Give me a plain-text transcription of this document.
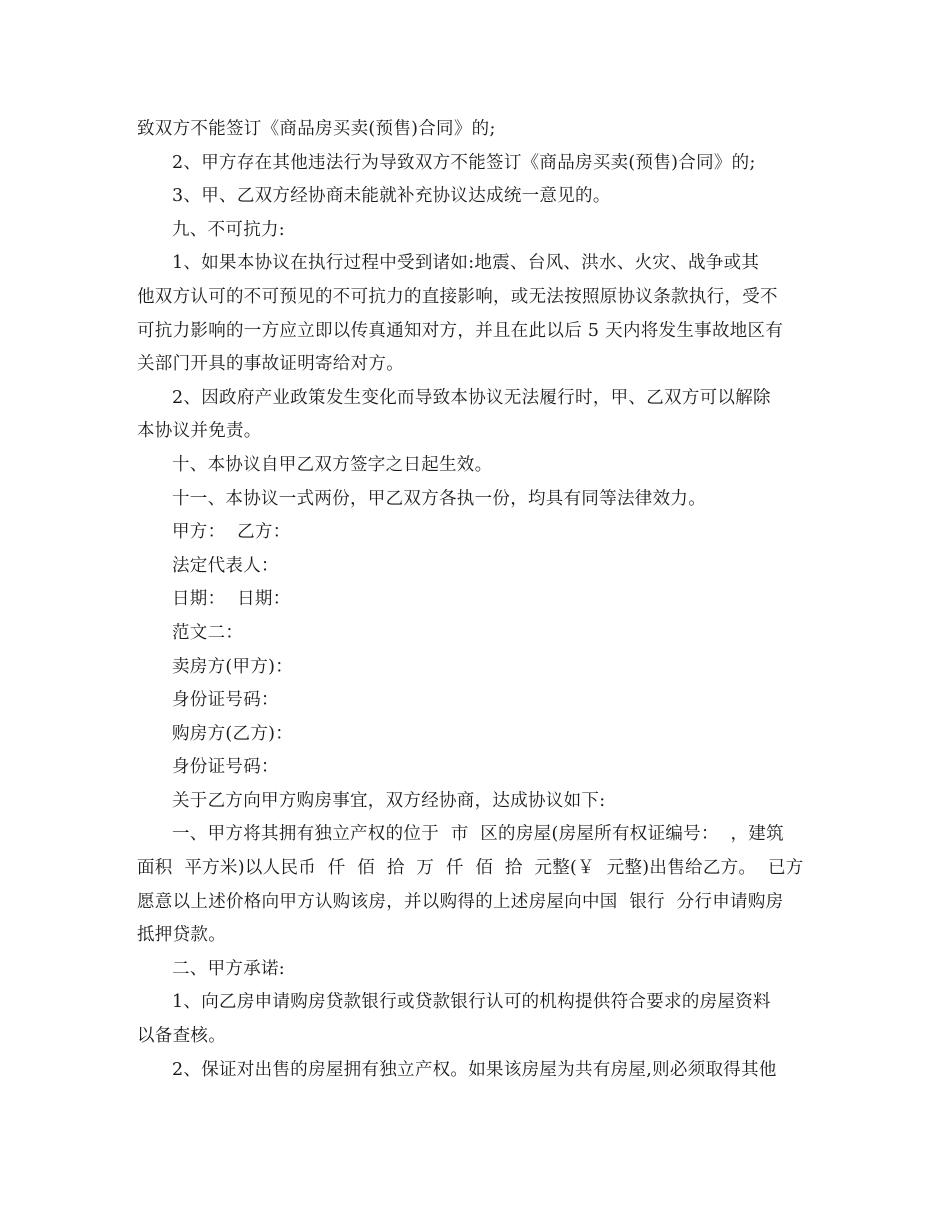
致双方不能签订《商品房买卖(预售)合同》的;
2、甲方存在其他违法行为导致双方不能签订《商品房买卖(预售)合同》的;
3、甲、乙双方经协商未能就补充协议达成统一意见的。
九、不可抗力:
1、如果本协议在执行过程中受到诸如:地震、台风、洪水、火灾、战争或其
他双方认可的不可预见的不可抗力的直接影响，或无法按照原协议条款执行，受不
可抗力影响的一方应立即以传真通知对方，并且在此以后 5 天内将发生事故地区有
关部门开具的事故证明寄给对方。
2、因政府产业政策发生变化而导致本协议无法履行时，甲、乙双方可以解除
本协议并免责。
十、本协议自甲乙双方签字之日起生效。
十一、本协议一式两份，甲乙双方各执一份，均具有同等法律效力。
甲方：  乙方：
法定代表人：
日期：  日期：
范文二：
卖房方(甲方)：
身份证号码：
购房方(乙方)：
身份证号码：
关于乙方向甲方购房事宜，双方经协商，达成协议如下:
一、甲方将其拥有独立产权的位于  市  区的房屋(房屋所有权证编号：  ，建筑
面积  平方米)以人民币  仟  佰  拾  万  仟  佰  拾  元整(￥  元整)出售给乙方。  已方
愿意以上述价格向甲方认购该房，并以购得的上述房屋向中国  银行  分行申请购房
抵押贷款。
二、甲方承诺:
1、向乙房申请购房贷款银行或贷款银行认可的机构提供符合要求的房屋资料
以备查核。
2、保证对出售的房屋拥有独立产权。如果该房屋为共有房屋,则必须取得其他
